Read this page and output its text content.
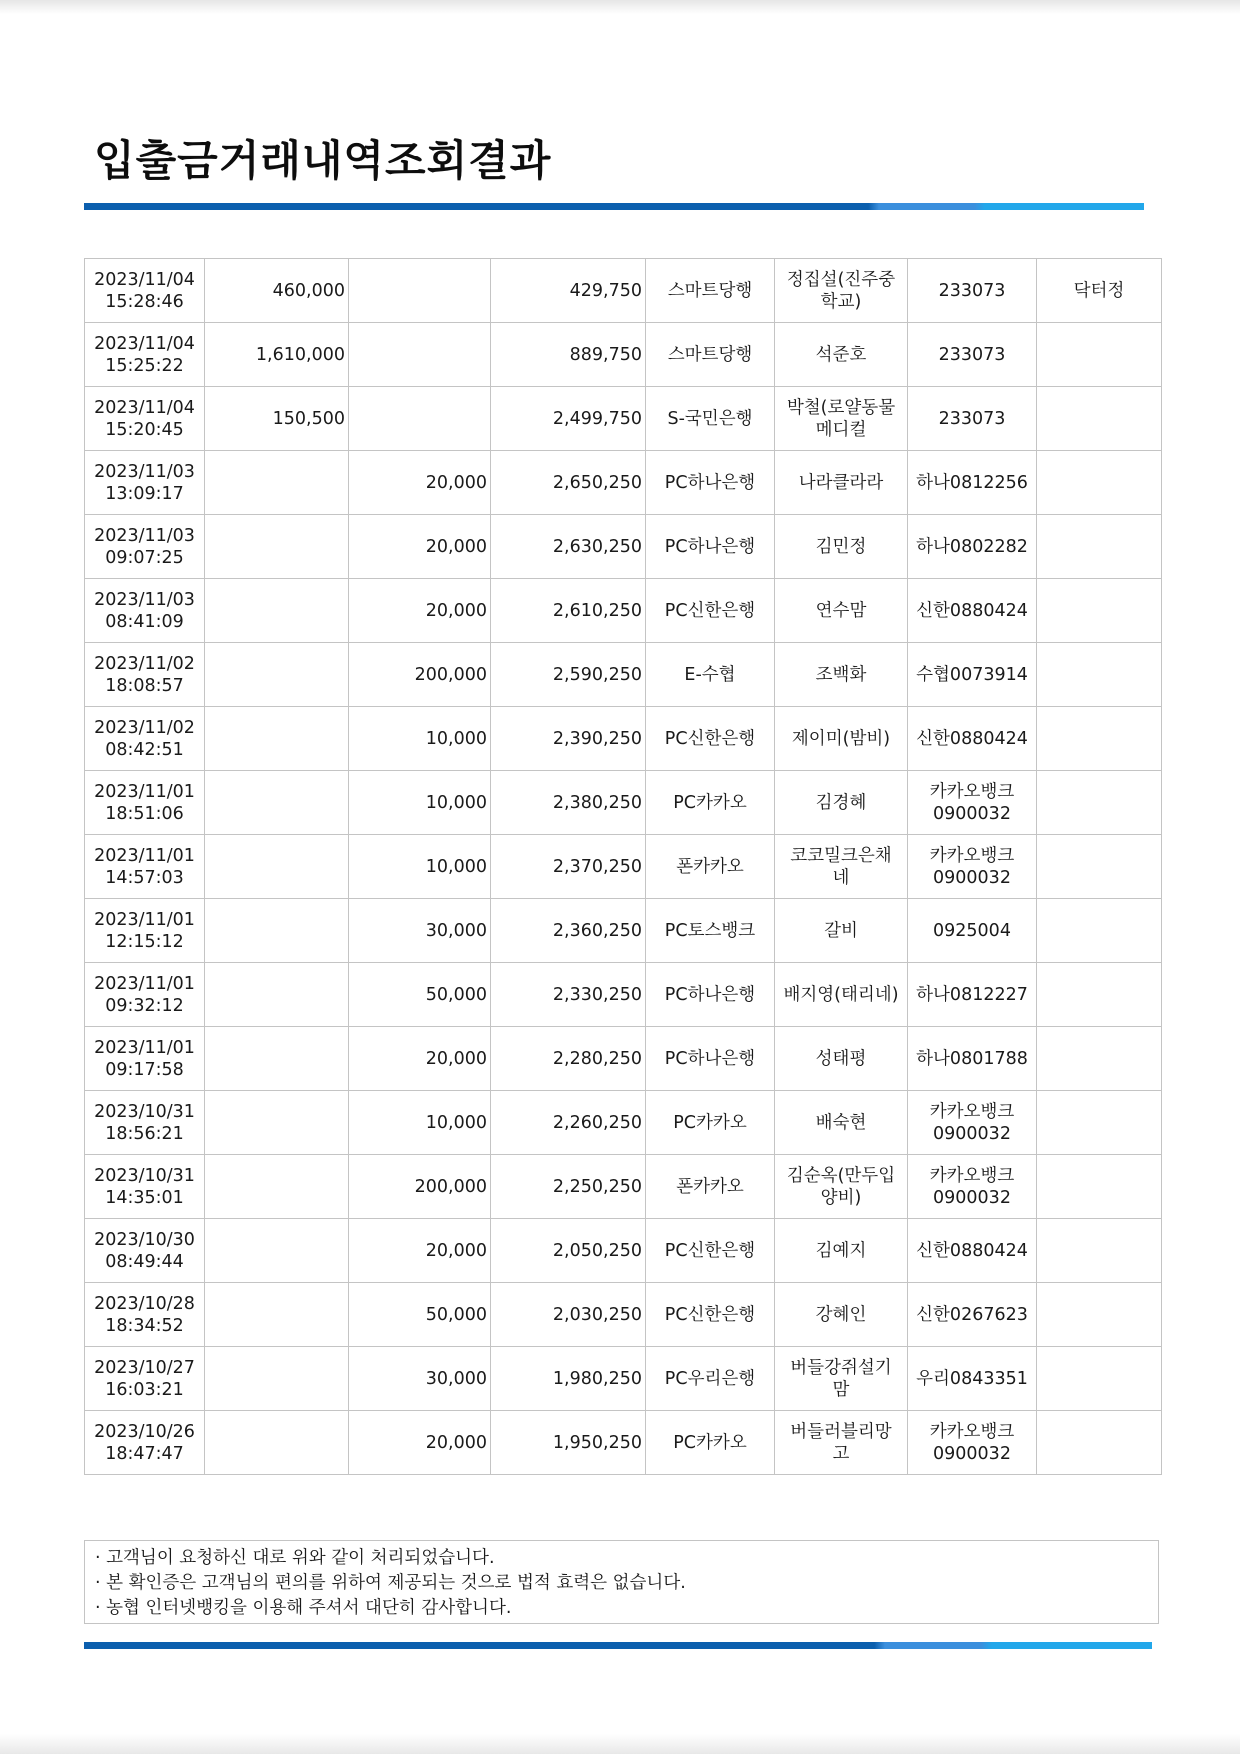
입출금거래내역조회결과
2023/11/04
15:28:46	460,000		429,750	스마트당행	정집설(진주중
학교)	233073	닥터정
2023/11/04
15:25:22	1,610,000		889,750	스마트당행	석준호	233073	
2023/11/04
15:20:45	150,500		2,499,750	S-국민은행	박철(로얄동물
메디컬	233073	
2023/11/03
13:09:17		20,000	2,650,250	PC하나은행	나라클라라	하나0812256	
2023/11/03
09:07:25		20,000	2,630,250	PC하나은행	김민정	하나0802282	
2023/11/03
08:41:09		20,000	2,610,250	PC신한은행	연수맘	신한0880424	
2023/11/02
18:08:57		200,000	2,590,250	E-수협	조백화	수협0073914	
2023/11/02
08:42:51		10,000	2,390,250	PC신한은행	제이미(밤비)	신한0880424	
2023/11/01
18:51:06		10,000	2,380,250	PC카카오	김경혜	카카오뱅크
0900032	
2023/11/01
14:57:03		10,000	2,370,250	폰카카오	코코밀크은채
네	카카오뱅크
0900032	
2023/11/01
12:15:12		30,000	2,360,250	PC토스뱅크	갈비	0925004	
2023/11/01
09:32:12		50,000	2,330,250	PC하나은행	배지영(태리네)	하나0812227	
2023/11/01
09:17:58		20,000	2,280,250	PC하나은행	성태평	하나0801788	
2023/10/31
18:56:21		10,000	2,260,250	PC카카오	배숙현	카카오뱅크
0900032	
2023/10/31
14:35:01		200,000	2,250,250	폰카카오	김순옥(만두입
양비)	카카오뱅크
0900032	
2023/10/30
08:49:44		20,000	2,050,250	PC신한은행	김예지	신한0880424	
2023/10/28
18:34:52		50,000	2,030,250	PC신한은행	강혜인	신한0267623	
2023/10/27
16:03:21		30,000	1,980,250	PC우리은행	버들강쥐설기
맘	우리0843351	
2023/10/26
18:47:47		20,000	1,950,250	PC카카오	버들러블리망
고	카카오뱅크
0900032	
· 고객님이 요청하신 대로 위와 같이 처리되었습니다.
· 본 확인증은 고객님의 편의를 위하여 제공되는 것으로 법적 효력은 없습니다.
· 농협 인터넷뱅킹을 이용해 주셔서 대단히 감사합니다.
